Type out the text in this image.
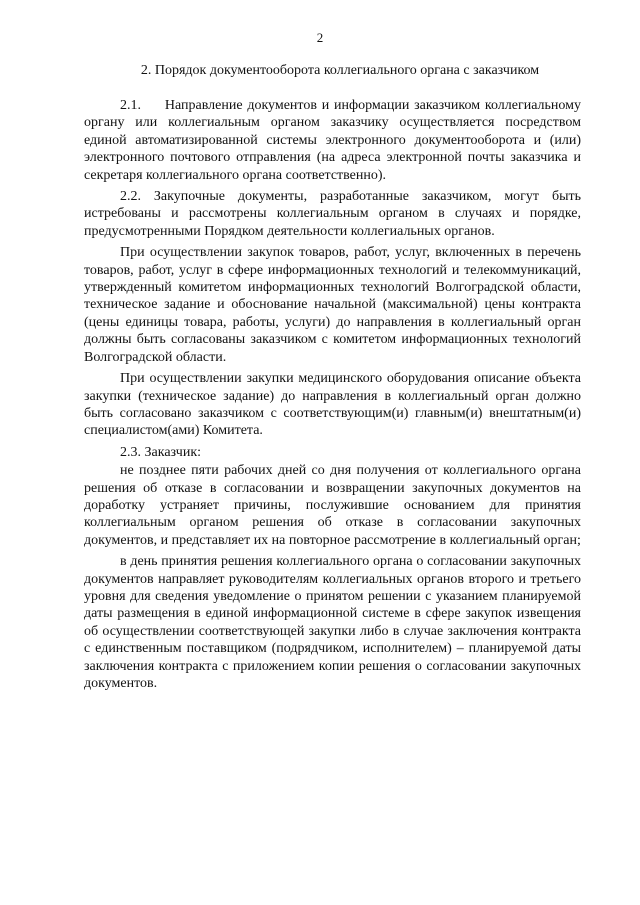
2
2. Порядок документооборота коллегиального органа с заказчиком

2.1.     Направление документов и информации заказчиком коллегиальному органу или коллегиальным органом заказчику осуществляется посредством единой автоматизированной системы электронного документооборота и (или) электронного почтового отправления (на адреса электронной почты заказчика и секретаря коллегиального органа соответственно).

2.2. Закупочные документы, разработанные заказчиком, могут быть истребованы и рассмотрены коллегиальным органом в случаях и порядке, предусмотренными Порядком деятельности коллегиальных органов.

При осуществлении закупок товаров, работ, услуг, включенных в перечень товаров, работ, услуг в сфере информационных технологий и телекоммуникаций, утвержденный комитетом информационных технологий Волгоградской области, техническое задание и обоснование начальной (максимальной) цены контракта (цены единицы товара, работы, услуги) до направления в коллегиальный орган должны быть согласованы заказчиком с комитетом информационных технологий Волгоградской области.

При осуществлении закупки медицинского оборудования описание объекта закупки (техническое задание) до направления в коллегиальный орган должно быть согласовано заказчиком с соответствующим(и) главным(и) внештатным(и) специалистом(ами) Комитета.

2.3. Заказчик:

не позднее пяти рабочих дней со дня получения от коллегиального органа решения об отказе в согласовании и возвращении закупочных документов на доработку устраняет причины, послужившие основанием для принятия коллегиальным органом решения об отказе в согласовании закупочных документов, и представляет их на повторное рассмотрение в коллегиальный орган;

в день принятия решения коллегиального органа о согласовании закупочных документов направляет руководителям коллегиальных органов второго и третьего уровня для сведения уведомление о принятом решении с указанием планируемой даты размещения в единой информационной системе в сфере закупок извещения об осуществлении соответствующей закупки либо в случае заключения контракта с единственным поставщиком (подрядчиком, исполнителем) – планируемой даты заключения контракта с приложением копии решения о согласовании закупочных документов.
